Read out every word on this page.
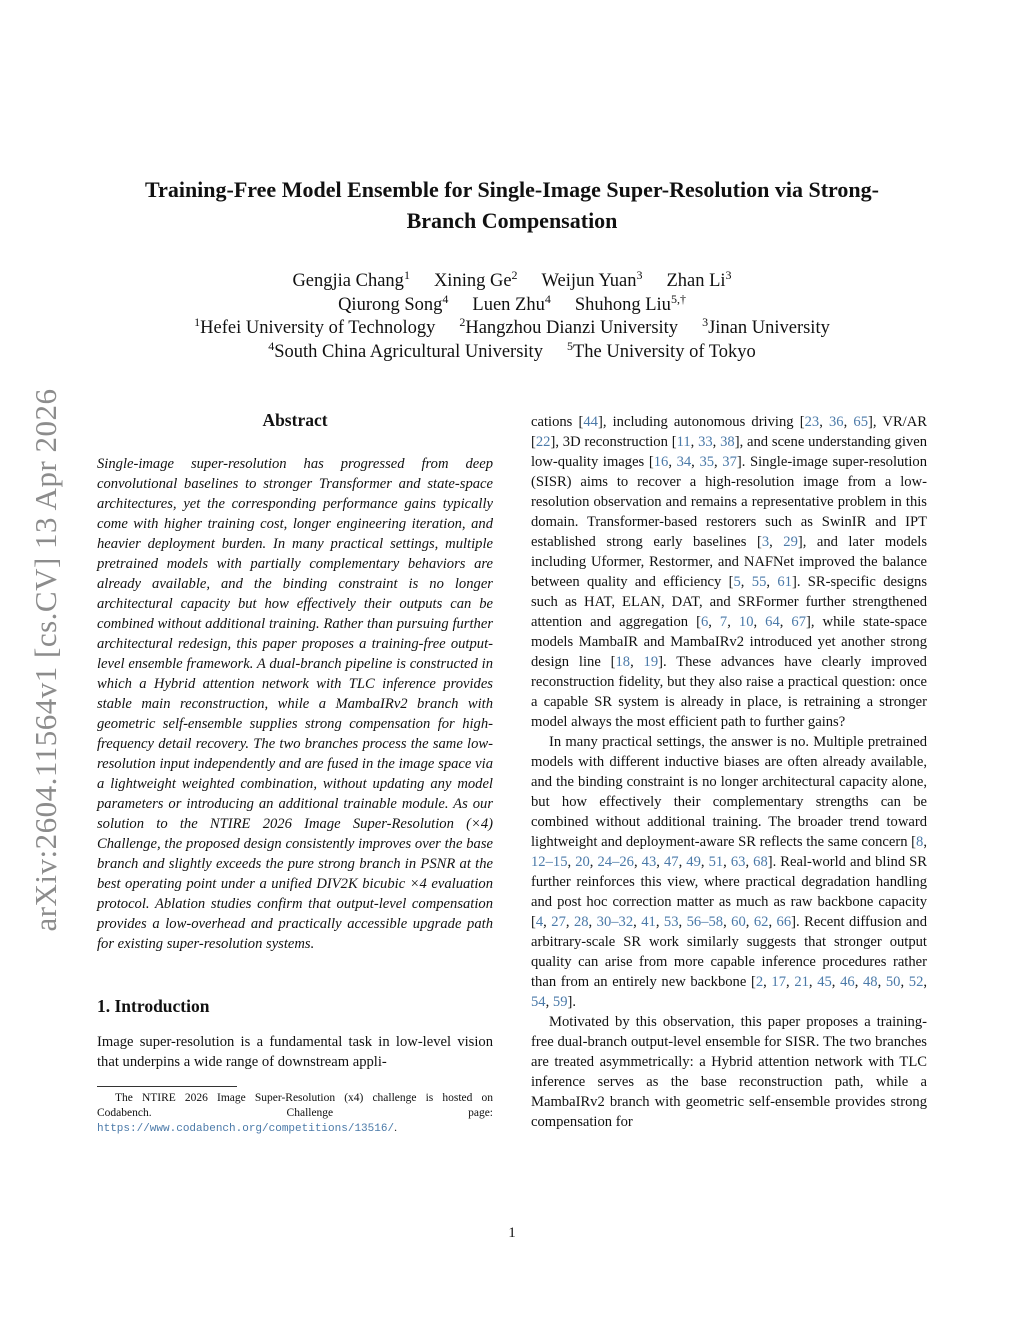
arXiv:2604.11564v1 [cs.CV] 13 Apr 2026
Training-Free Model Ensemble for Single-Image Super-Resolution via Strong-Branch Compensation
Gengjia Chang$^1$ Xining Ge$^2$ Weijun Yuan$^3$ Zhan Li$^3$
Qiurong Song$^4$ Luen Zhu$^4$ Shuhong Liu$^{5,\dagger}$
$^1$Hefei University of Technology $^2$Hangzhou Dianzi University $^3$Jinan University
$^4$South China Agricultural University $^5$The University of Tokyo
Abstract

Single-image super-resolution has progressed from deep convolutional baselines to stronger Transformer and state-space architectures, yet the corresponding performance gains typically come with higher training cost, longer engineering iteration, and heavier deployment burden. In many practical settings, multiple pretrained models with partially complementary behaviors are already available, and the binding constraint is no longer architectural capacity but how effectively their outputs can be combined without additional training. Rather than pursuing further architectural redesign, this paper proposes a training-free output-level ensemble framework. A dual-branch pipeline is constructed in which a Hybrid attention network with TLC inference provides stable main reconstruction, while a MambaIRv2 branch with geometric self-ensemble supplies strong compensation for high-frequency detail recovery. The two branches process the same low-resolution input independently and are fused in the image space via a lightweight weighted combination, without updating any model parameters or introducing an additional trainable module. As our solution to the NTIRE 2026 Image Super-Resolution (×4) Challenge, the proposed design consistently improves over the base branch and slightly exceeds the pure strong branch in PSNR at the best operating point under a unified DIV2K bicubic ×4 evaluation protocol. Ablation studies confirm that output-level compensation provides a low-overhead and practically accessible upgrade path for existing super-resolution systems.

1. Introduction

Image super-resolution is a fundamental task in low-level vision that underpins a wide range of downstream appli-

The NTIRE 2026 Image Super-Resolution (x4) challenge is hosted on Codabench. Challenge page: https://www.codabench.org/competitions/13516/.

cations [44], including autonomous driving [23, 36, 65], VR/AR [22], 3D reconstruction [11, 33, 38], and scene understanding given low-quality images [16, 34, 35, 37]. Single-image super-resolution (SISR) aims to recover a high-resolution image from a low-resolution observation and remains a representative problem in this domain. Transformer-based restorers such as SwinIR and IPT established strong early baselines [3, 29], and later models including Uformer, Restormer, and NAFNet improved the balance between quality and efficiency [5, 55, 61]. SR-specific designs such as HAT, ELAN, DAT, and SRFormer further strengthened attention and aggregation [6, 7, 10, 64, 67], while state-space models MambaIR and MambaIRv2 introduced yet another strong design line [18, 19]. These advances have clearly improved reconstruction fidelity, but they also raise a practical question: once a capable SR system is already in place, is retraining a stronger model always the most efficient path to further gains?

In many practical settings, the answer is no. Multiple pretrained models with different inductive biases are often already available, and the binding constraint is no longer architectural capacity alone, but how effectively their complementary strengths can be combined without additional training. The broader trend toward lightweight and deployment-aware SR reflects the same concern [8, 12–15, 20, 24–26, 43, 47, 49, 51, 63, 68]. Real-world and blind SR further reinforces this view, where practical degradation handling and post hoc correction matter as much as raw backbone capacity [4, 27, 28, 30–32, 41, 53, 56–58, 60, 62, 66]. Recent diffusion and arbitrary-scale SR work similarly suggests that stronger output quality can arise from more capable inference procedures rather than from an entirely new backbone [2, 17, 21, 45, 46, 48, 50, 52, 54, 59].

Motivated by this observation, this paper proposes a training-free dual-branch output-level ensemble for SISR. The two branches are treated asymmetrically: a Hybrid attention network with TLC inference serves as the base reconstruction path, while a MambaIRv2 branch with geometric self-ensemble provides strong compensation for

1
